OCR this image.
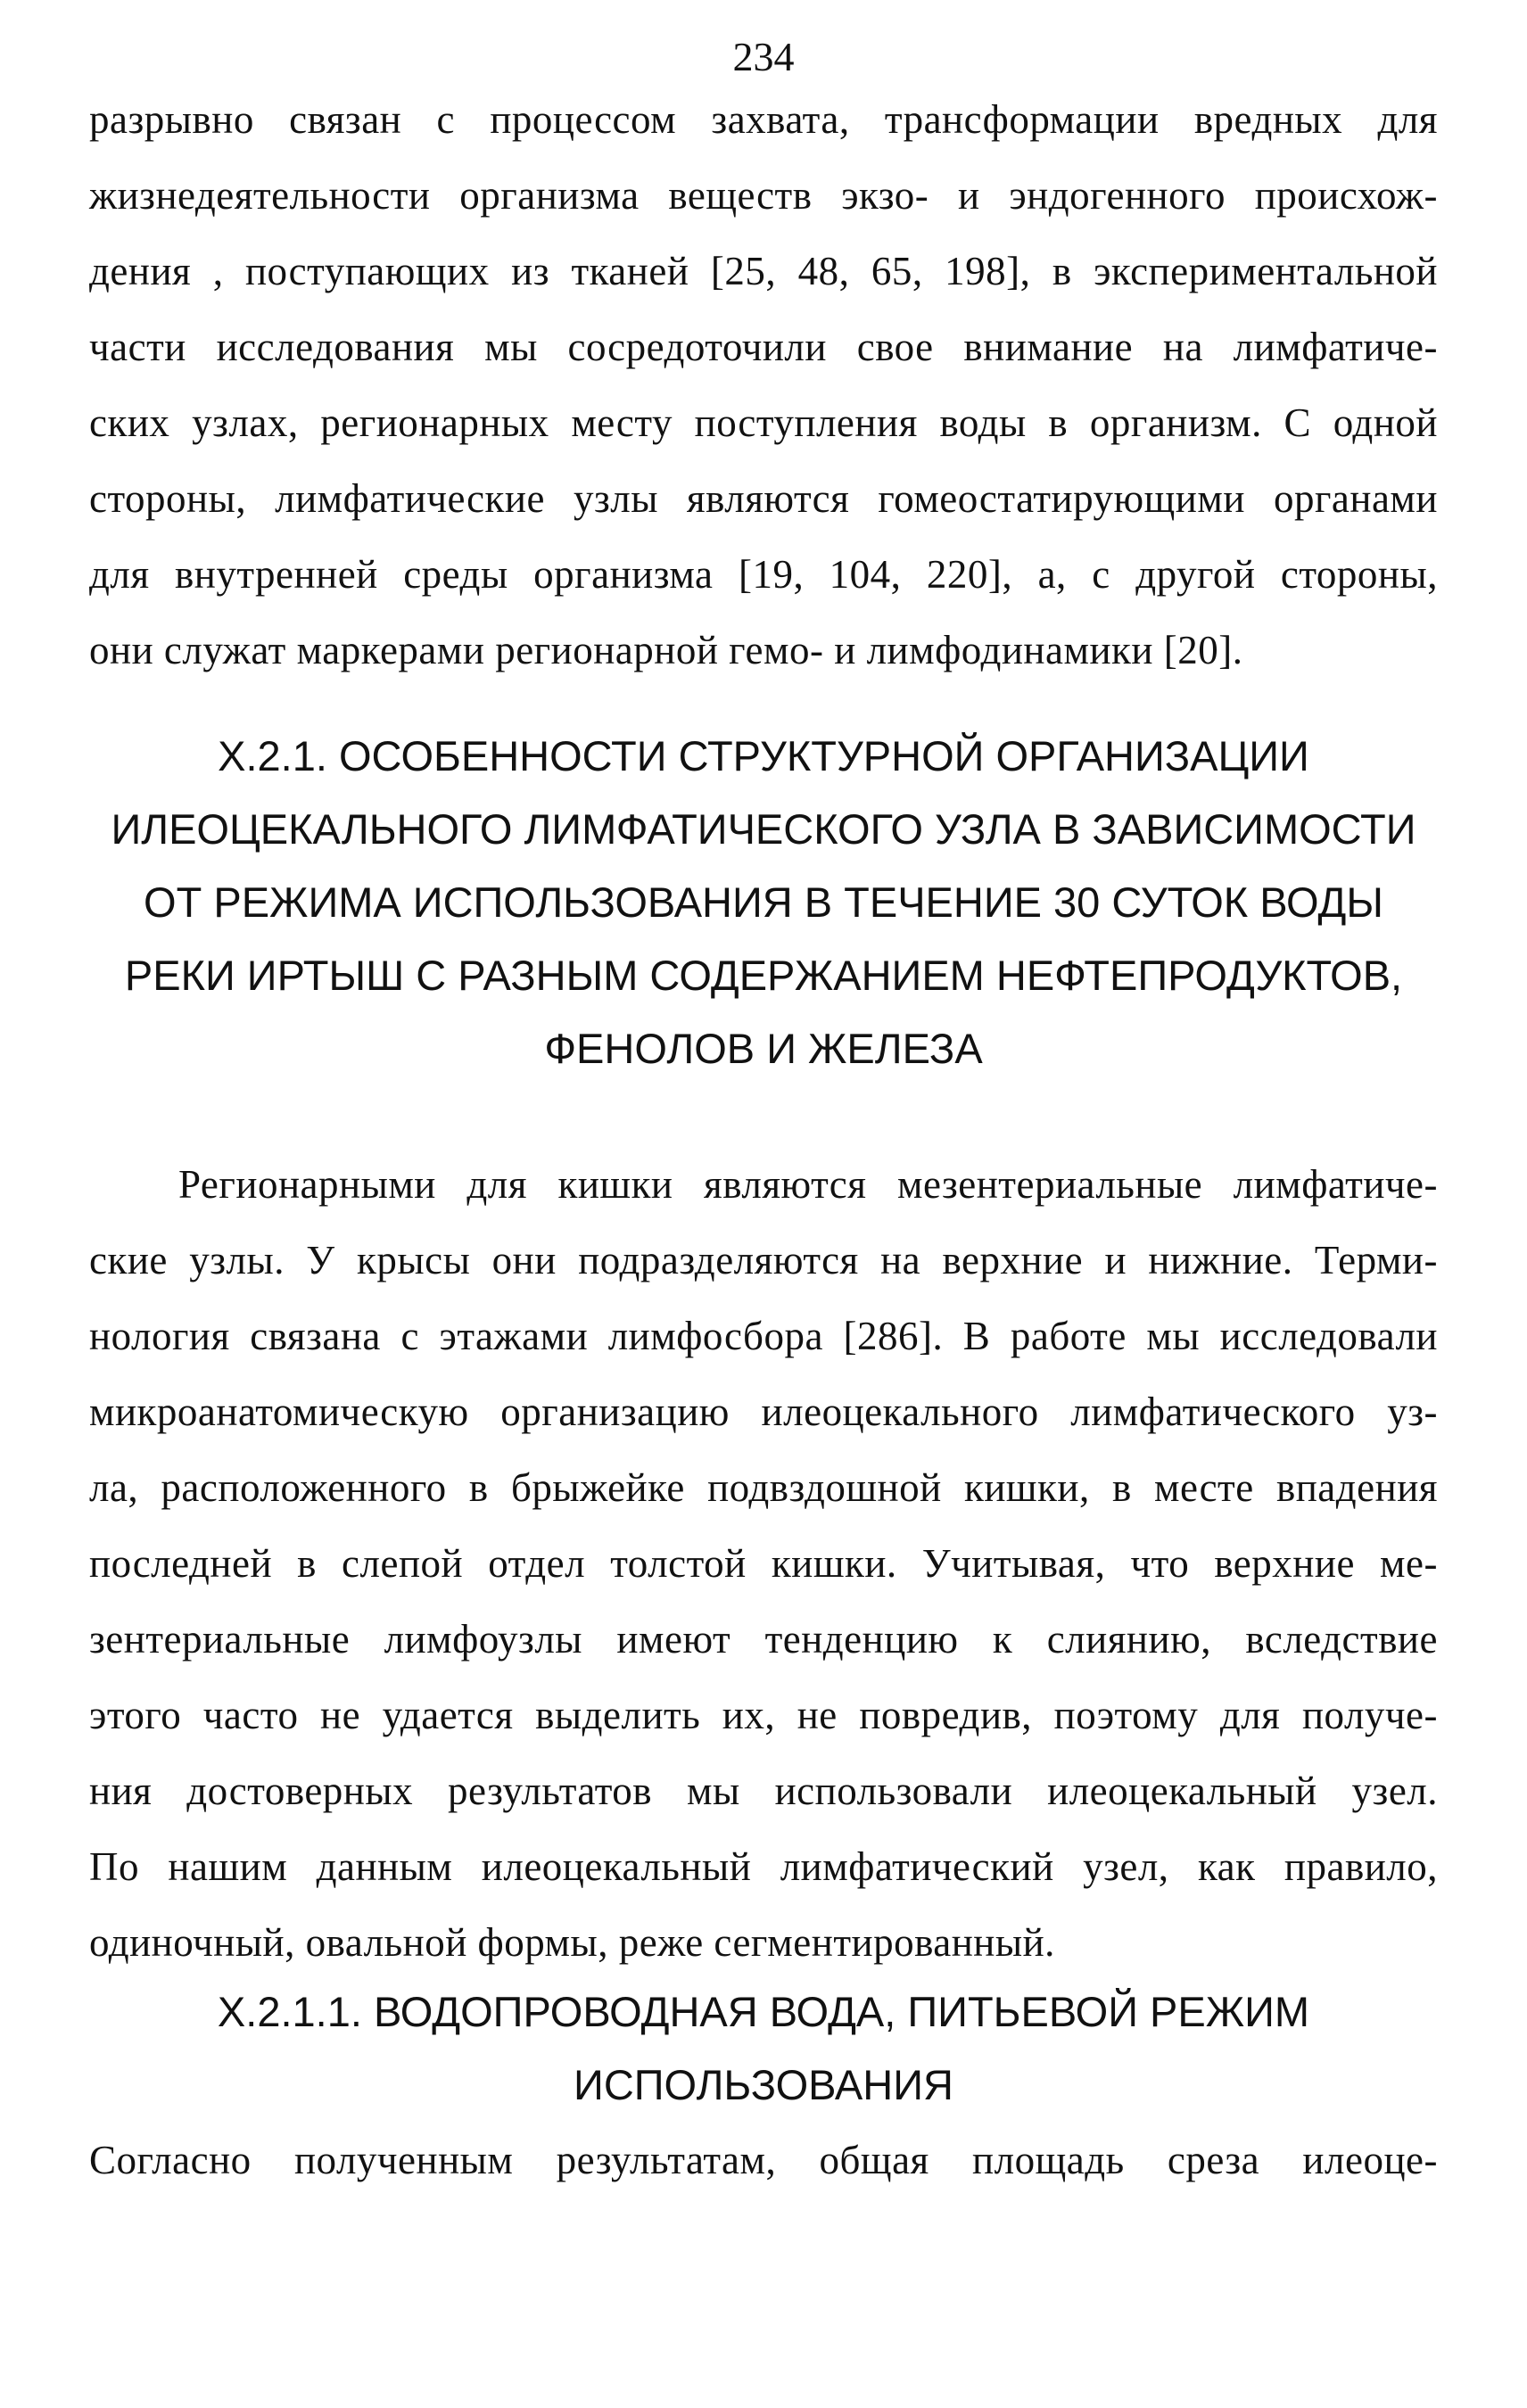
234
разрывно связан с процессом захвата, трансформации вредных для
жизнедеятельности организма веществ экзо- и эндогенного происхож-
дения , поступающих из тканей [25, 48, 65, 198], в экспериментальной
части исследования мы сосредоточили свое внимание на лимфатиче-
ских узлах, регионарных месту поступления воды в организм. С одной
стороны, лимфатические узлы являются гомеостатирующими органами
для внутренней среды организма [19, 104, 220], а, с другой стороны,
они служат маркерами регионарной гемо- и лимфодинамики [20].
X.2.1. ОСОБЕННОСТИ СТРУКТУРНОЙ ОРГАНИЗАЦИИ
ИЛЕОЦЕКАЛЬНОГО ЛИМФАТИЧЕСКОГО УЗЛА В ЗАВИСИМОСТИ
ОТ РЕЖИМА ИСПОЛЬЗОВАНИЯ В ТЕЧЕНИЕ 30 СУТОК ВОДЫ
РЕКИ ИРТЫШ С РАЗНЫМ СОДЕРЖАНИЕМ НЕФТЕПРОДУКТОВ,
ФЕНОЛОВ И ЖЕЛЕЗА
Регионарными для кишки являются мезентериальные лимфатиче-
ские узлы. У крысы они подразделяются на верхние и нижние. Терми-
нология связана с этажами лимфосбора [286]. В работе мы исследовали
микроанатомическую организацию илеоцекального лимфатического уз-
ла, расположенного в брыжейке подвздошной кишки, в месте впадения
последней в слепой отдел толстой кишки. Учитывая, что верхние ме-
зентериальные лимфоузлы имеют тенденцию к слиянию, вследствие
этого часто не удается выделить их, не повредив, поэтому для получе-
ния достоверных результатов мы использовали илеоцекальный узел.
По нашим данным илеоцекальный лимфатический узел, как правило,
одиночный, овальной формы, реже сегментированный.
X.2.1.1. ВОДОПРОВОДНАЯ ВОДА, ПИТЬЕВОЙ РЕЖИМ
ИСПОЛЬЗОВАНИЯ
Согласно полученным результатам, общая площадь среза илеоце-
